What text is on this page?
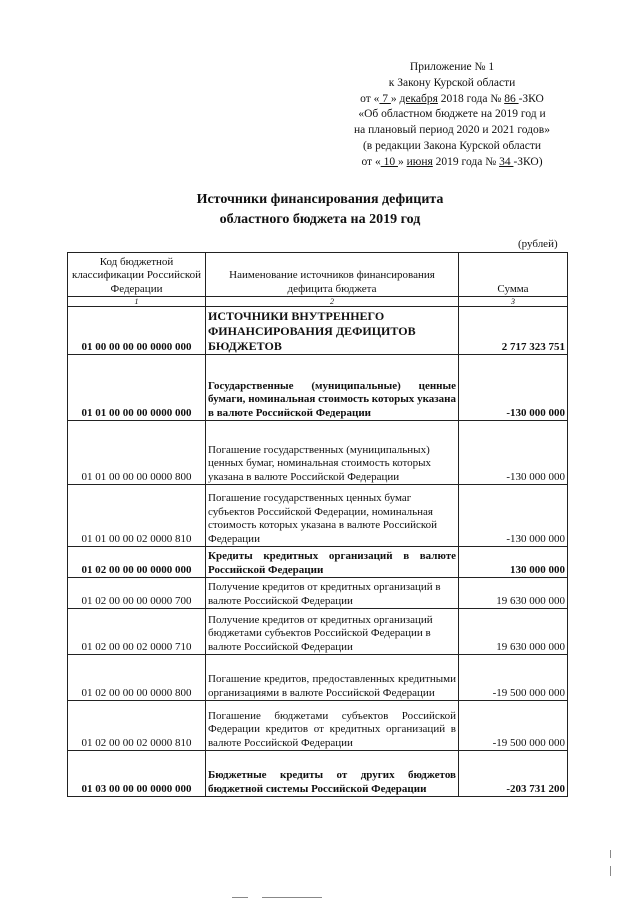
Приложение № 1
к Закону Курской области
от « 7 » декабря 2018 года № 86 -ЗКО
«Об областном бюджете на 2019 год и
на плановый период 2020 и 2021 годов»
(в редакции Закона Курской области
от « 10 » июня 2019 года № 34 -ЗКО)
Источники финансирования дефицита
областного бюджета на 2019 год
(рублей)
Код бюджетной классификации Российской Федерации	Наименование источников финансирования дефицита бюджета	Сумма
1	2	3
01 00 00 00 00 0000 000	ИСТОЧНИКИ ВНУТРЕННЕГО ФИНАНСИРОВАНИЯ ДЕФИЦИТОВ БЮДЖЕТОВ	2 717 323 751
01 01 00 00 00 0000 000	Государственные (муниципальные) ценные бумаги, номинальная стоимость которых указана в валюте Российской Федерации	-130 000 000
01 01 00 00 00 0000 800	Погашение государственных (муниципальных) ценных бумаг, номинальная стоимость которых указана в валюте Российской Федерации	-130 000 000
01 01 00 00 02 0000 810	Погашение государственных ценных бумаг субъектов Российской Федерации, номинальная стоимость которых указана в валюте Российской Федерации	-130 000 000
01 02 00 00 00 0000 000	Кредиты кредитных организаций в валюте Российской Федерации	130 000 000
01 02 00 00 00 0000 700	Получение кредитов от кредитных организаций в валюте Российской Федерации	19 630 000 000
01 02 00 00 02 0000 710	Получение кредитов от кредитных организаций бюджетами субъектов Российской Федерации в валюте Российской Федерации	19 630 000 000
01 02 00 00 00 0000 800	Погашение кредитов, предоставленных кредитными организациями в валюте Российской Федерации	-19 500 000 000
01 02 00 00 02 0000 810	Погашение бюджетами субъектов Российской Федерации кредитов от кредитных организаций в валюте Российской Федерации	-19 500 000 000
01 03 00 00 00 0000 000	Бюджетные кредиты от других бюджетов бюджетной системы Российской Федерации	-203 731 200
